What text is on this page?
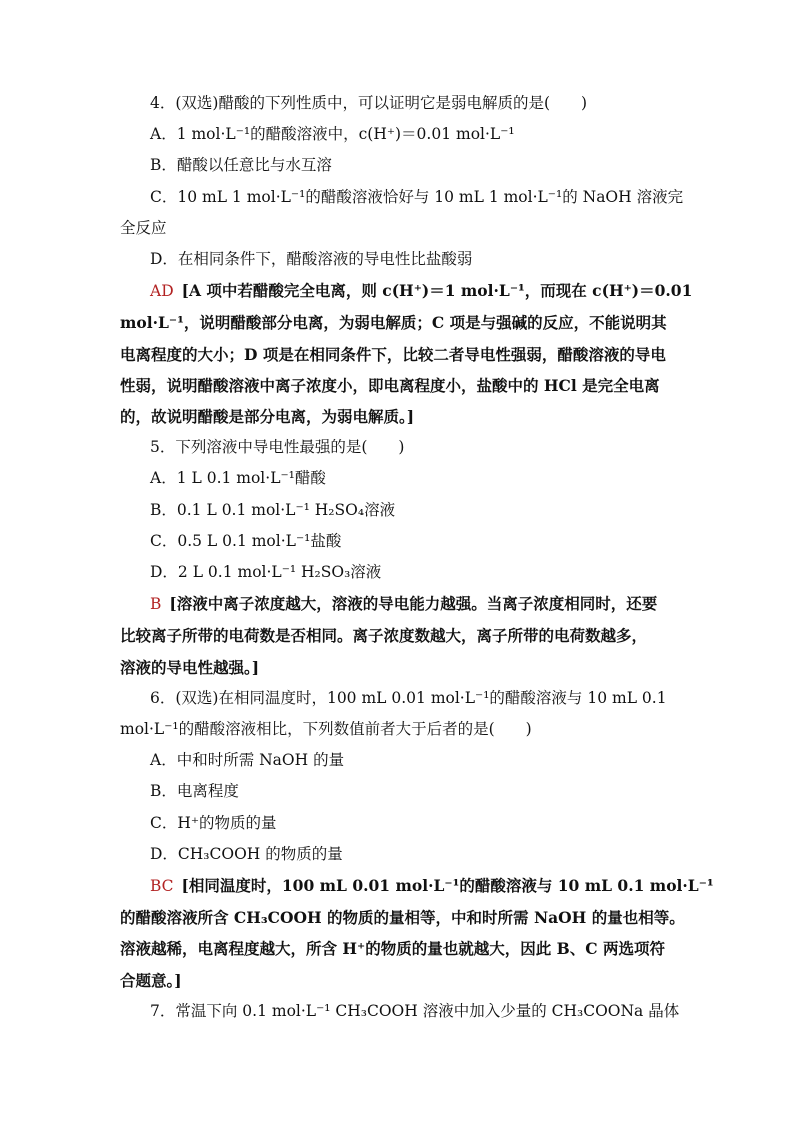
4．(双选)醋酸的下列性质中，可以证明它是弱电解质的是(　　)
A．1 mol·L⁻¹的醋酸溶液中，c(H⁺)＝0.01 mol·L⁻¹
B．醋酸以任意比与水互溶
C．10 mL 1 mol·L⁻¹的醋酸溶液恰好与 10 mL 1 mol·L⁻¹的 NaOH 溶液完
全反应
D．在相同条件下，醋酸溶液的导电性比盐酸弱
AD [A 项中若醋酸完全电离，则 c(H⁺)＝1 mol·L⁻¹，而现在 c(H⁺)＝0.01
mol·L⁻¹，说明醋酸部分电离，为弱电解质；C 项是与强碱的反应，不能说明其
电离程度的大小；D 项是在相同条件下，比较二者导电性强弱，醋酸溶液的导电
性弱，说明醋酸溶液中离子浓度小，即电离程度小，盐酸中的 HCl 是完全电离
的，故说明醋酸是部分电离，为弱电解质。]
5．下列溶液中导电性最强的是(　　)
A．1 L 0.1 mol·L⁻¹醋酸
B．0.1 L 0.1 mol·L⁻¹ H₂SO₄溶液
C．0.5 L 0.1 mol·L⁻¹盐酸
D．2 L 0.1 mol·L⁻¹ H₂SO₃溶液
B [溶液中离子浓度越大，溶液的导电能力越强。当离子浓度相同时，还要
比较离子所带的电荷数是否相同。离子浓度数越大，离子所带的电荷数越多，
溶液的导电性越强。]
6．(双选)在相同温度时，100 mL 0.01 mol·L⁻¹的醋酸溶液与 10 mL 0.1
mol·L⁻¹的醋酸溶液相比，下列数值前者大于后者的是(　　)
A．中和时所需 NaOH 的量
B．电离程度
C．H⁺的物质的量
D．CH₃COOH 的物质的量
BC [相同温度时，100 mL 0.01 mol·L⁻¹的醋酸溶液与 10 mL 0.1 mol·L⁻¹
的醋酸溶液所含 CH₃COOH 的物质的量相等，中和时所需 NaOH 的量也相等。
溶液越稀，电离程度越大，所含 H⁺的物质的量也就越大，因此 B、C 两选项符
合题意。]
7．常温下向 0.1 mol·L⁻¹ CH₃COOH 溶液中加入少量的 CH₃COONa 晶体
